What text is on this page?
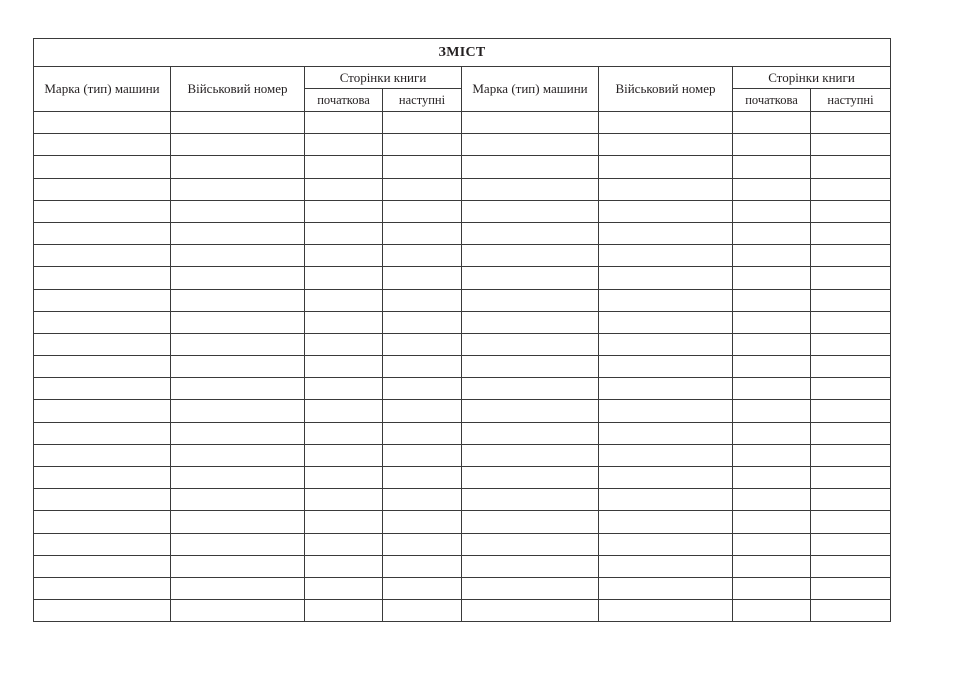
ЗМІСТ							
Марка (тип) машини	Військовий номер	Сторінки книги		Марка (тип) машини	Військовий номер	Сторінки книги	
		початкова	наступні			початкова	наступні
